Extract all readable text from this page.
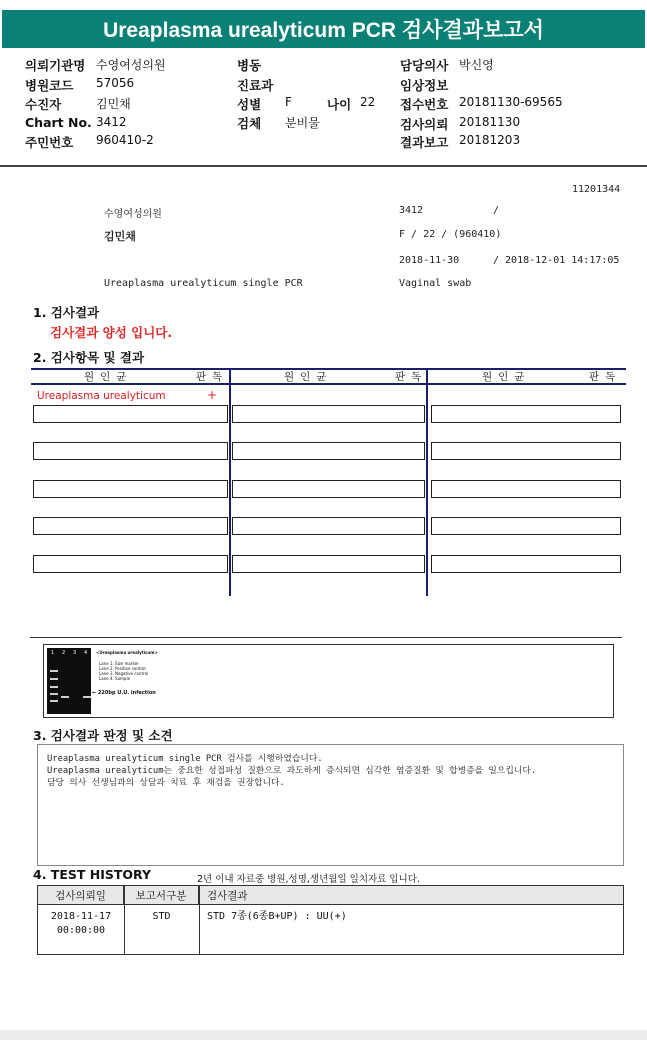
Ureaplasma urealyticum PCR 검사결과보고서
의뢰기관명 수영여성의원
병원코드 57056
수진자	김민채
Chart No. 3412
주민번호 960410-2
병동
진료과
성별 F	나이 22
검체 분비물
담당의사 박신영
임상정보
접수번호 20181130-69565
검사의뢰 20181130
결과보고 20181203
11201344
수영여성의원	3412	/
김민채	F / 22 / (960410)
2018-11-30	/ 2018-12-01 14:17:05
Ureaplasma urealyticum single PCR	Vaginal swab
1. 검사결과
검사결과 양성 입니다.
2. 검사항목 및 결과
원인균	판독	원인균	판독	원인균	판독
Ureaplasma urealyticum	+
1 2 3 4 <Ureaplasma urealyticum>
Lane 1. Size marker
Lane 2. Positive control
Lane 3. Negative control
Lane 4. Sample
← 220bp U.U. infection
3. 검사결과 판정 및 소견
Ureaplasma urealyticum single PCR 검사를 시행하였습니다.
Ureaplasma urealyticum는 중요한 성접파성 질환으로 과도하게 증식되면 심각한 염증질환 및 합병증을 일으킵니다.
담당 의사 선생님과의 상담과 치료 후 재검을 권장합니다.
4. TEST HISTORY	2년 이내 자료중 병원,성명,생년월일 일치자료 입니다.
검사의뢰일	보고서구분	검사결과
2018-11-17
00:00:00
STD	STD 7종(6종B+UP) : UU(+)
